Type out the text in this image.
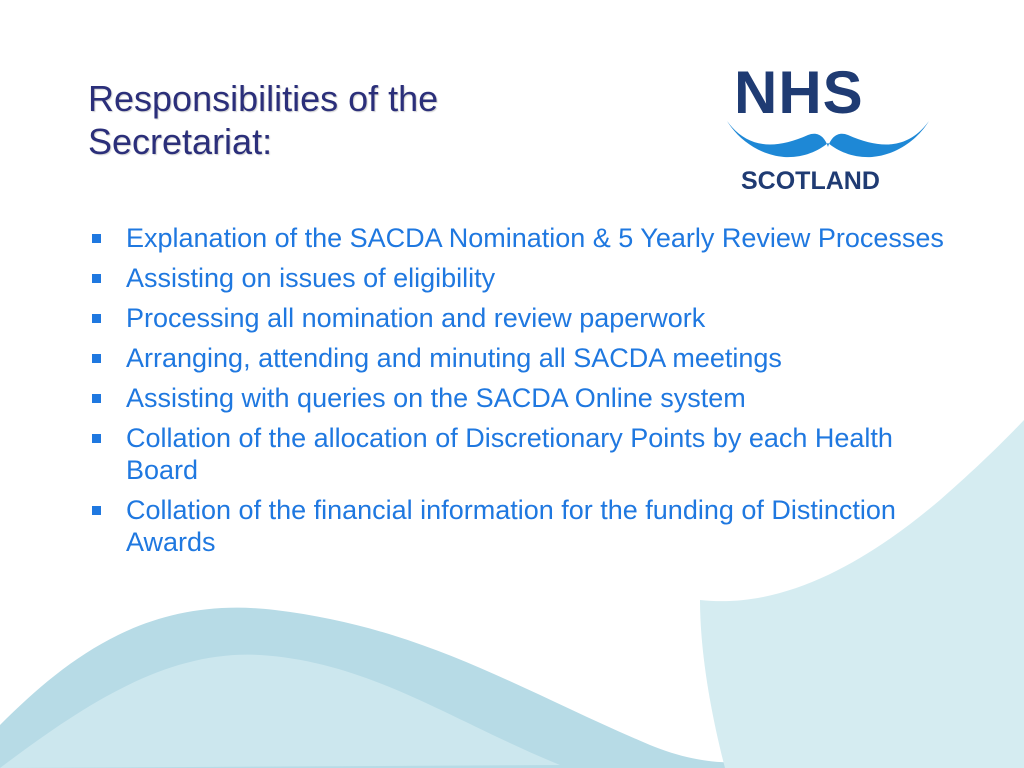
Responsibilities of the
Secretariat:
NHS
SCOTLAND
Explanation of the SACDA Nomination & 5 Yearly Review Processes
Assisting on issues of eligibility
Processing all nomination and review paperwork
Arranging, attending and minuting all SACDA meetings
Assisting with queries on the SACDA Online system
Collation of the allocation of Discretionary Points by each Health Board
Collation of the financial information for the funding of Distinction Awards
